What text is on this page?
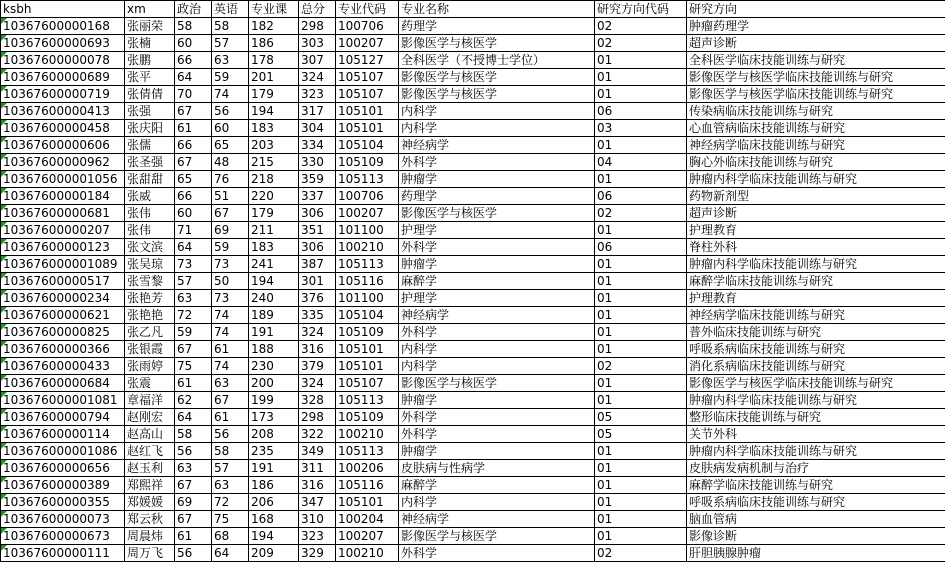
ksbh	xm	政治	英语	专业课	总分	专业代码	专业名称	研究方向代码	研究方向
10367600000168	张丽荣	58	58	182	298	100706	药理学	02	肿瘤药理学
10367600000693	张楠	60	57	186	303	100207	影像医学与核医学	02	超声诊断
10367600000078	张鹏	66	63	178	307	105127	全科医学（不授博士学位）	01	全科医学临床技能训练与研究
10367600000689	张平	64	59	201	324	105107	影像医学与核医学	01	影像医学与核医学临床技能训练与研究
10367600000719	张倩倩	70	74	179	323	105107	影像医学与核医学	01	影像医学与核医学临床技能训练与研究
10367600000413	张强	67	56	194	317	105101	内科学	06	传染病临床技能训练与研究
10367600000458	张庆阳	61	60	183	304	105101	内科学	03	心血管病临床技能训练与研究
10367600000606	张儒	66	65	203	334	105104	神经病学	01	神经病学临床技能训练与研究
10367600000962	张圣强	67	48	215	330	105109	外科学	04	胸心外临床技能训练与研究
103676000001056	张甜甜	65	76	218	359	105113	肿瘤学	01	肿瘤内科学临床技能训练与研究
10367600000184	张威	66	51	220	337	100706	药理学	06	药物新剂型
10367600000681	张伟	60	67	179	306	100207	影像医学与核医学	02	超声诊断
10367600000207	张伟	71	69	211	351	101100	护理学	01	护理教育
10367600000123	张文滨	64	59	183	306	100210	外科学	06	脊柱外科
103676000001089	张吴琼	73	73	241	387	105113	肿瘤学	01	肿瘤内科学临床技能训练与研究
10367600000517	张雪黎	57	50	194	301	105116	麻醉学	01	麻醉学临床技能训练与研究
10367600000234	张艳芳	63	73	240	376	101100	护理学	01	护理教育
10367600000621	张艳艳	72	74	189	335	105104	神经病学	01	神经病学临床技能训练与研究
10367600000825	张乙凡	59	74	191	324	105109	外科学	01	普外临床技能训练与研究
10367600000366	张银霞	67	61	188	316	105101	内科学	01	呼吸系病临床技能训练与研究
10367600000433	张雨婷	75	74	230	379	105101	内科学	02	消化系病临床技能训练与研究
10367600000684	张震	61	63	200	324	105107	影像医学与核医学	01	影像医学与核医学临床技能训练与研究
103676000001081	章福洋	62	67	199	328	105113	肿瘤学	01	肿瘤内科学临床技能训练与研究
10367600000794	赵刚宏	64	61	173	298	105109	外科学	05	整形临床技能训练与研究
10367600000114	赵高山	58	56	208	322	100210	外科学	05	关节外科
103676000001086	赵红飞	56	58	235	349	105113	肿瘤学	01	肿瘤内科学临床技能训练与研究
10367600000656	赵玉利	63	57	191	311	100206	皮肤病与性病学	01	皮肤病发病机制与治疗
10367600000389	郑熙祥	67	63	186	316	105116	麻醉学	01	麻醉学临床技能训练与研究
10367600000355	郑媛媛	69	72	206	347	105101	内科学	01	呼吸系病临床技能训练与研究
10367600000073	郑云秋	67	75	168	310	100204	神经病学	01	脑血管病
10367600000673	周晨炜	61	68	194	323	100207	影像医学与核医学	01	影像诊断
10367600000111	周万飞	56	64	209	329	100210	外科学	02	肝胆胰腺肿瘤
